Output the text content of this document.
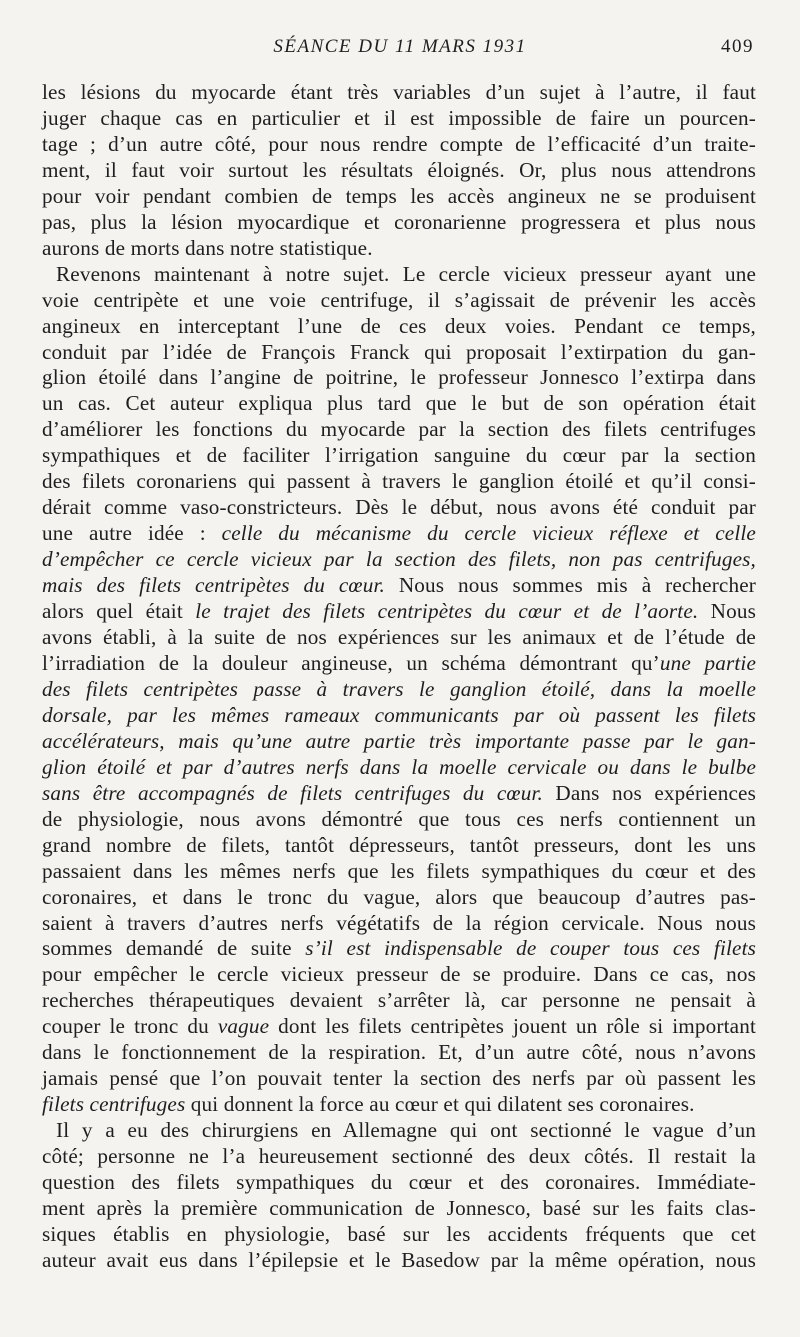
SÉANCE DU 11 MARS 1931	409
les lésions du myocarde étant très variables d’un sujet à l’autre, il faut
juger chaque cas en particulier et il est impossible de faire un pourcen-
tage ; d’un autre côté, pour nous rendre compte de l’efficacité d’un traite-
ment, il faut voir surtout les résultats éloignés. Or, plus nous attendrons
pour voir pendant combien de temps les accès angineux ne se produisent
pas, plus la lésion myocardique et coronarienne progressera et plus nous
aurons de morts dans notre statistique.
Revenons maintenant à notre sujet. Le cercle vicieux presseur ayant une
voie centripète et une voie centrifuge, il s’agissait de prévenir les accès
angineux en interceptant l’une de ces deux voies. Pendant ce temps,
conduit par l’idée de François Franck qui proposait l’extirpation du gan-
glion étoilé dans l’angine de poitrine, le professeur Jonnesco l’extirpa dans
un cas. Cet auteur expliqua plus tard que le but de son opération était
d’améliorer les fonctions du myocarde par la section des filets centrifuges
sympathiques et de faciliter l’irrigation sanguine du cœur par la section
des filets coronariens qui passent à travers le ganglion étoilé et qu’il consi-
dérait comme vaso-constricteurs. Dès le début, nous avons été conduit par
une autre idée : celle du mécanisme du cercle vicieux réflexe et celle
d’empêcher ce cercle vicieux par la section des filets, non pas centrifuges,
mais des filets centripètes du cœur. Nous nous sommes mis à rechercher
alors quel était le trajet des filets centripètes du cœur et de l’aorte. Nous
avons établi, à la suite de nos expériences sur les animaux et de l’étude de
l’irradiation de la douleur angineuse, un schéma démontrant qu’une partie
des filets centripètes passe à travers le ganglion étoilé, dans la moelle
dorsale, par les mêmes rameaux communicants par où passent les filets
accélérateurs, mais qu’une autre partie très importante passe par le gan-
glion étoilé et par d’autres nerfs dans la moelle cervicale ou dans le bulbe
sans être accompagnés de filets centrifuges du cœur. Dans nos expériences
de physiologie, nous avons démontré que tous ces nerfs contiennent un
grand nombre de filets, tantôt dépresseurs, tantôt presseurs, dont les uns
passaient dans les mêmes nerfs que les filets sympathiques du cœur et des
coronaires, et dans le tronc du vague, alors que beaucoup d’autres pas-
saient à travers d’autres nerfs végétatifs de la région cervicale. Nous nous
sommes demandé de suite s’il est indispensable de couper tous ces filets
pour empêcher le cercle vicieux presseur de se produire. Dans ce cas, nos
recherches thérapeutiques devaient s’arrêter là, car personne ne pensait à
couper le tronc du vague dont les filets centripètes jouent un rôle si important
dans le fonctionnement de la respiration. Et, d’un autre côté, nous n’avons
jamais pensé que l’on pouvait tenter la section des nerfs par où passent les
filets centrifuges qui donnent la force au cœur et qui dilatent ses coronaires.
Il y a eu des chirurgiens en Allemagne qui ont sectionné le vague d’un
côté; personne ne l’a heureusement sectionné des deux côtés. Il restait la
question des filets sympathiques du cœur et des coronaires. Immédiate-
ment après la première communication de Jonnesco, basé sur les faits clas-
siques établis en physiologie, basé sur les accidents fréquents que cet
auteur avait eus dans l’épilepsie et le Basedow par la même opération, nous
